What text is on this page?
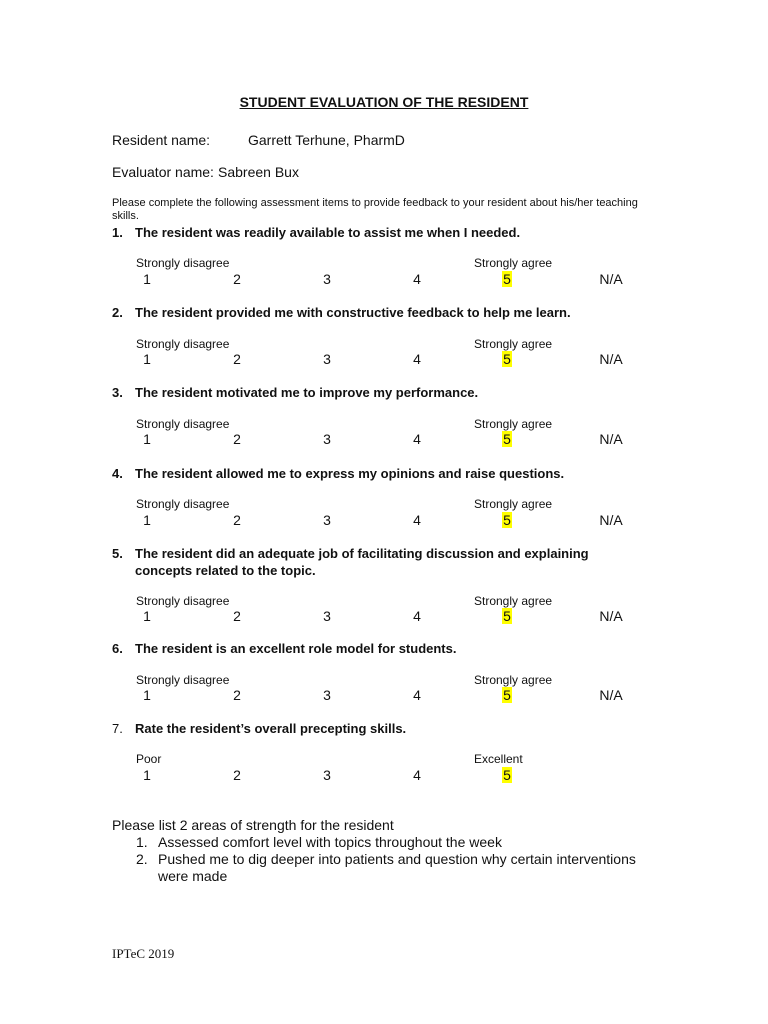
STUDENT EVALUATION OF THE RESIDENT
Resident name:	Garrett Terhune, PharmD
Evaluator name: Sabreen Bux
Please complete the following assessment items to provide feedback to your resident about his/her teaching skills.
1. The resident was readily available to assist me when I needed.
Strongly disagree	Strongly agree
1	2	3	4	5	N/A
2. The resident provided me with constructive feedback to help me learn.
Strongly disagree	Strongly agree
1	2	3	4	5	N/A
3. The resident motivated me to improve my performance.
Strongly disagree	Strongly agree
1	2	3	4	5	N/A
4. The resident allowed me to express my opinions and raise questions.
Strongly disagree	Strongly agree
1	2	3	4	5	N/A
5. The resident did an adequate job of facilitating discussion and explaining concepts related to the topic.
Strongly disagree	Strongly agree
1	2	3	4	5	N/A
6. The resident is an excellent role model for students.
Strongly disagree	Strongly agree
1	2	3	4	5	N/A
7. Rate the resident’s overall precepting skills.
Poor	Excellent
1	2	3	4	5
Please list 2 areas of strength for the resident
1. Assessed comfort level with topics throughout the week
2. Pushed me to dig deeper into patients and question why certain interventions were made
IPTeC 2019
